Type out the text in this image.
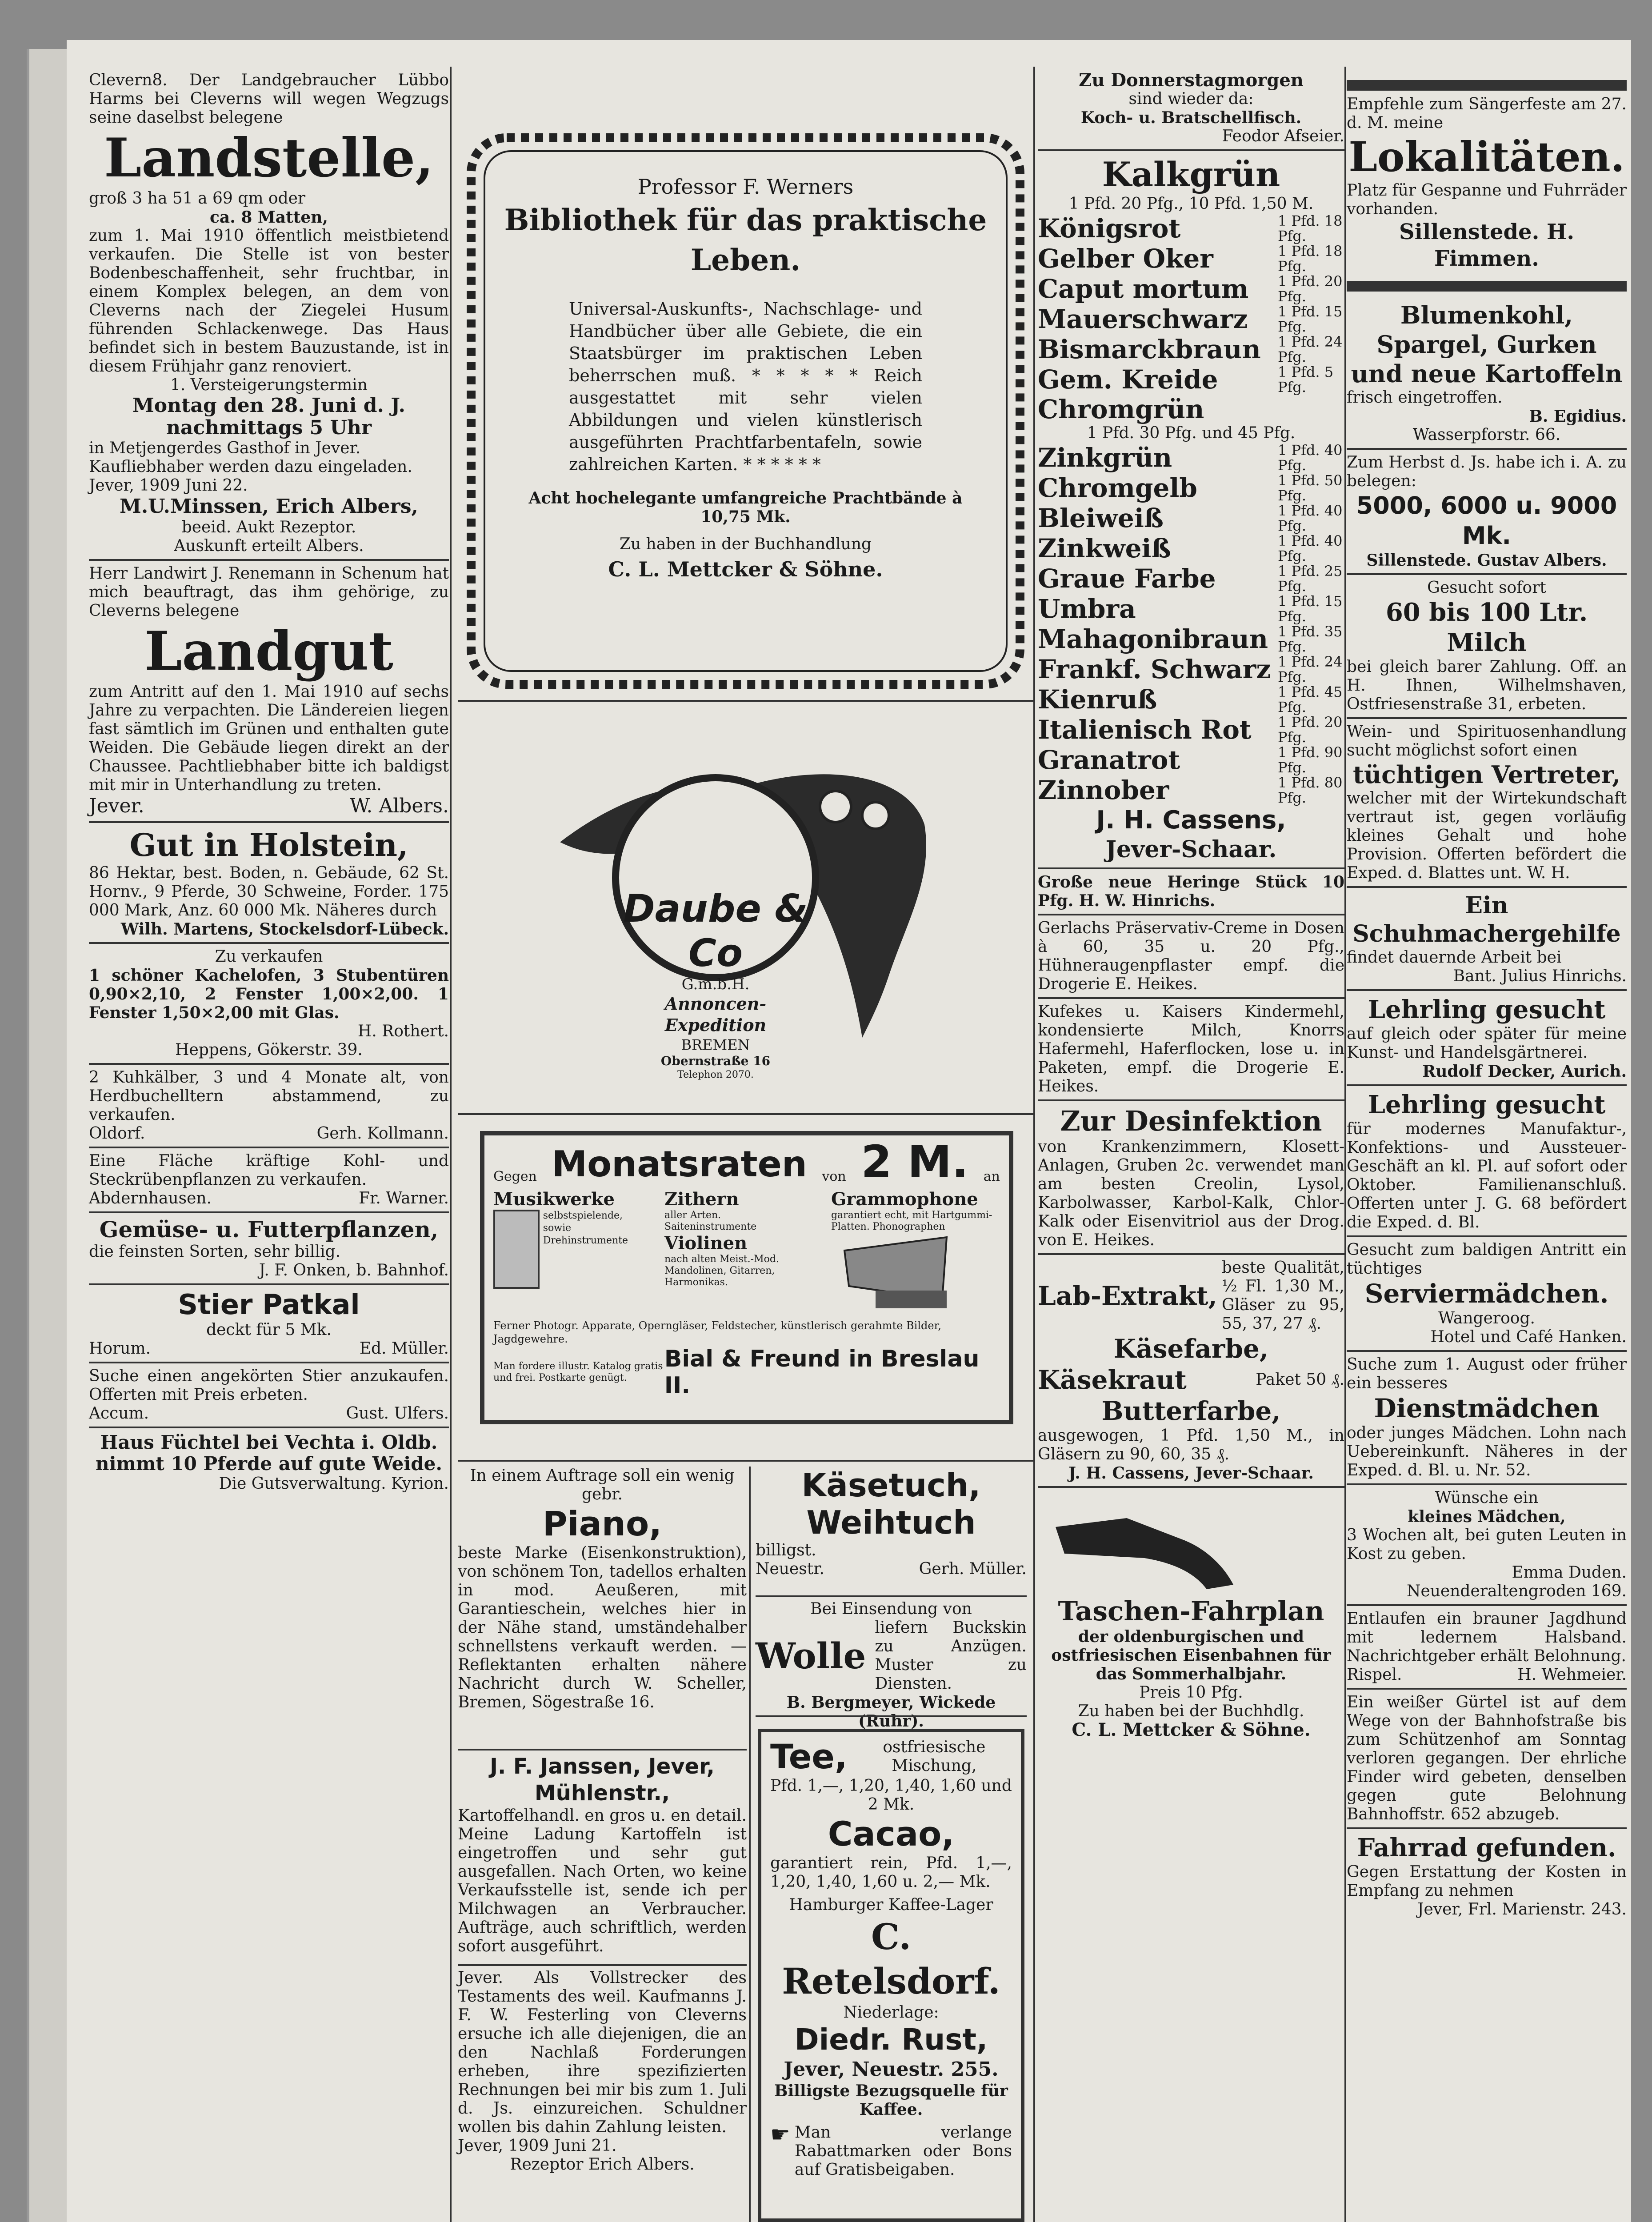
Clevern8. Der Landgebraucher Lübbo Harms bei Cleverns will wegen Wegzugs seine daselbst belegene

Landstelle,

groß 3 ha 51 a 69 qm oder

ca. 8 Matten,

zum 1. Mai 1910 öffentlich meistbietend verkaufen. Die Stelle ist von bester Bodenbeschaffenheit, sehr fruchtbar, in einem Komplex belegen, an dem von Cleverns nach der Ziegelei Husum führenden Schlackenwege. Das Haus befindet sich in bestem Bauzustande, ist in diesem Frühjahr ganz renoviert.

1. Versteigerungstermin

Montag den 28. Juni d. J. nachmittags 5 Uhr

in Metjengerdes Gasthof in Jever.

Kaufliebhaber werden dazu eingeladen.

Jever, 1909 Juni 22.

M.U.Minssen, Erich Albers,

beeid. Aukt Rezeptor.

Auskunft erteilt Albers.

Herr Landwirt J. Renemann in Schenum hat mich beauftragt, das ihm gehörige, zu Cleverns belegene

Landgut

zum Antritt auf den 1. Mai 1910 auf sechs Jahre zu verpachten. Die Ländereien liegen fast sämtlich im Grünen und enthalten gute Weiden. Die Gebäude liegen direkt an der Chaussee. Pachtliebhaber bitte ich baldigst mit mir in Unterhandlung zu treten.

Jever.	W. Albers.

Gut in Holstein,

86 Hektar, best. Boden, n. Gebäude, 62 St. Hornv., 9 Pferde, 30 Schweine, Forder. 175 000 Mark, Anz. 60 000 Mk. Näheres durch

Wilh. Martens, Stockelsdorf-Lübeck.

Zu verkaufen

1 schöner Kachelofen, 3 Stubentüren 0,90×2,10, 2 Fenster 1,00×2,00. 1 Fenster 1,50×2,00 mit Glas.

H. Rothert.

Heppens, Gökerstr. 39.

2 Kuhkälber, 3 und 4 Monate alt, von Herdbuchelltern abstammend, zu verkaufen.

Oldorf.	Gerh. Kollmann.

Eine Fläche kräftige Kohl- und Steckrübenpflanzen zu verkaufen.

Abdernhausen.	Fr. Warner.

Gemüse- u. Futterpflanzen,

die feinsten Sorten, sehr billig.

J. F. Onken, b. Bahnhof.

Stier Patkal

deckt für 5 Mk.

Horum.	Ed. Müller.

Suche einen angekörten Stier anzukaufen. Offerten mit Preis erbeten.

Accum.	Gust. Ulfers.

Haus Füchtel bei Vechta i. Oldb. nimmt 10 Pferde auf gute Weide.

Die Gutsverwaltung. Kyrion.

Professor F. Werners

Bibliothek für das praktische Leben.

Universal-Auskunfts-, Nachschlage- und Handbücher über alle Gebiete, die ein Staatsbürger im praktischen Leben beherrschen muß. * * * * * Reich ausgestattet mit sehr vielen Abbildungen und vielen künstlerisch ausgeführten Prachtfarbentafeln, sowie zahlreichen Karten. * * * * * *

Acht hochelegante umfangreiche Prachtbände à 10,75 Mk.

Zu haben in der Buchhandlung

C. L. Mettcker & Söhne.

Daube & Co

G.m.b.H.

Annoncen-Expedition

BREMEN

Obernstraße 16

Telephon 2070.

Gegen Monatsraten von 2 M. an

Musikwerke

selbstspielende, sowie Drehinstrumente

Zithern

aller Arten. Saiteninstrumente

Violinen

nach alten Meist.-Mod. Mandolinen, Gitarren, Harmonikas.

Grammophone

garantiert echt, mit Hartgummi-Platten. Phonographen

Ferner Photogr. Apparate, Operngläser, Feldstecher, künstlerisch gerahmte Bilder, Jagdgewehre.

Man fordere illustr. Katalog gratis und frei. Postkarte genügt.
Bial & Freund in Breslau II.

In einem Auftrage soll ein wenig gebr.

Piano,

beste Marke (Eisenkonstruktion), von schönem Ton, tadellos erhalten in mod. Aeußeren, mit Garantieschein, welches hier in der Nähe stand, umständehalber schnellstens verkauft werden. — Reflektanten erhalten nähere Nachricht durch W. Scheller, Bremen, Sögestraße 16.

J. F. Janssen, Jever, Mühlenstr.,

Kartoffelhandl. en gros u. en detail. Meine Ladung Kartoffeln ist eingetroffen und sehr gut ausgefallen. Nach Orten, wo keine Verkaufsstelle ist, sende ich per Milchwagen an Verbraucher. Aufträge, auch schriftlich, werden sofort ausgeführt.

Jever. Als Vollstrecker des Testaments des weil. Kaufmanns J. F. W. Festerling von Cleverns ersuche ich alle diejenigen, die an den Nachlaß Forderungen erheben, ihre spezifizierten Rechnungen bei mir bis zum 1. Juli d. Js. einzureichen. Schuldner wollen bis dahin Zahlung leisten.

Jever, 1909 Juni 21.

Rezeptor Erich Albers.

Käsetuch, Weihtuch

billigst.

Neuestr.	Gerh. Müller.

Bei Einsendung von

Wolle
liefern Buckskin zu Anzügen. Muster zu Diensten.

B. Bergmeyer, Wickede (Ruhr).

Tee,	ostfriesische Mischung,

Pfd. 1,—, 1,20, 1,40, 1,60 und 2 Mk.

Cacao,

garantiert rein, Pfd. 1,—, 1,20, 1,40, 1,60 u. 2,— Mk.

Hamburger Kaffee-Lager

C. Retelsdorf.

Niederlage:

Diedr. Rust,

Jever, Neuestr. 255.

Billigste Bezugsquelle für Kaffee.

☛ Man verlange Rabattmarken oder Bons auf Gratisbeigaben.

Zu Donnerstagmorgen

sind wieder da:

Koch- u. Bratschellfisch.

Feodor Afseier.

Kalkgrün

1 Pfd. 20 Pfg., 10 Pfd. 1,50 M.

Königsrot	1 Pfd. 18 Pfg.
Gelber Oker	1 Pfd. 18 Pfg.
Caput mortum 1 Pfd. 20 Pfg.
Mauerschwarz 1 Pfd. 15 Pfg.
Bismarckbraun 1 Pfd. 24 Pfg.
Gem. Kreide	1 Pfd. 5 Pfg.
Chromgrün

1 Pfd. 30 Pfg. und 45 Pfg.

Zinkgrün	1 Pfd. 40 Pfg.
Chromgelb	1 Pfd. 50 Pfg.
Bleiweiß	1 Pfd. 40 Pfg.
Zinkweiß	1 Pfd. 40 Pfg.
Graue Farbe	1 Pfd. 25 Pfg.
Umbra	1 Pfd. 15 Pfg.
Mahagonibraun 1 Pfd. 35 Pfg.
Frankf. Schwarz 1 Pfd. 24 Pfg.
Kienruß	1 Pfd. 45 Pfg.
Italienisch Rot 1 Pfd. 20 Pfg.
Granatrot	1 Pfd. 90 Pfg.
Zinnober	1 Pfd. 80 Pfg.

J. H. Cassens,

Jever-Schaar.

Große neue Heringe Stück 10 Pfg. H. W. Hinrichs.

Gerlachs Präservativ-Creme in Dosen à 60, 35 u. 20 Pfg., Hühneraugenpflaster empf. die Drogerie E. Heikes.

Kufekes u. Kaisers Kindermehl, kondensierte Milch, Knorrs Hafermehl, Haferflocken, lose u. in Paketen, empf. die Drogerie E. Heikes.

Zur Desinfektion

von Krankenzimmern, Klosett-Anlagen, Gruben 2c. verwendet man am besten Creolin, Lysol, Karbolwasser, Karbol-Kalk, Chlor-Kalk oder Eisenvitriol aus der Drog. von E. Heikes.

Lab-Extrakt,
beste Qualität, ½ Fl. 1,30 M., Gläser zu 95, 55, 37, 27 ₰.

Käsefarbe,

Käsekraut	Paket 50 ₰.

Butterfarbe,

ausgewogen, 1 Pfd. 1,50 M., in Gläsern zu 90, 60, 35 ₰.

J. H. Cassens, Jever-Schaar.

Taschen-Fahrplan

der oldenburgischen und ostfriesischen Eisenbahnen für das Sommerhalbjahr.

Preis 10 Pfg.

Zu haben bei der Buchhdlg.

C. L. Mettcker & Söhne.

Empfehle zum Sängerfeste am 27. d. M. meine

Lokalitäten.

Platz für Gespanne und Fuhrräder vorhanden.

Sillenstede. H. Fimmen.

Blumenkohl, Spargel, Gurken

und neue Kartoffeln

frisch eingetroffen.

B. Egidius.

Wasserpforstr. 66.

Zum Herbst d. Js. habe ich i. A. zu belegen:

5000, 6000 u. 9000 Mk.

Sillenstede. Gustav Albers.

Gesucht sofort

60 bis 100 Ltr. Milch

bei gleich barer Zahlung. Off. an H. Ihnen, Wilhelmshaven, Ostfriesenstraße 31, erbeten.

Wein- und Spirituosenhandlung sucht möglichst sofort einen

tüchtigen Vertreter,

welcher mit der Wirtekundschaft vertraut ist, gegen vorläufig kleines Gehalt und hohe Provision. Offerten befördert die Exped. d. Blattes unt. W. H.

Ein Schuhmachergehilfe

findet dauernde Arbeit bei

Bant. Julius Hinrichs.

Lehrling gesucht

auf gleich oder später für meine Kunst- und Handelsgärtnerei.

Rudolf Decker, Aurich.

Lehrling gesucht

für modernes Manufaktur-, Konfektions- und Aussteuer-Geschäft an kl. Pl. auf sofort oder Oktober. Familienanschluß. Offerten unter J. G. 68 befördert die Exped. d. Bl.

Gesucht zum baldigen Antritt ein tüchtiges

Serviermädchen.

Wangeroog.

Hotel und Café Hanken.

Suche zum 1. August oder früher ein besseres

Dienstmädchen

oder junges Mädchen. Lohn nach Uebereinkunft. Näheres in der Exped. d. Bl. u. Nr. 52.

Wünsche ein

kleines Mädchen,

3 Wochen alt, bei guten Leuten in Kost zu geben.

Emma Duden.

Neuenderaltengroden 169.

Entlaufen ein brauner Jagdhund mit ledernem Halsband. Nachrichtgeber erhält Belohnung.

Rispel.	H. Wehmeier.

Ein weißer Gürtel ist auf dem Wege von der Bahnhofstraße bis zum Schützenhof am Sonntag verloren gegangen. Der ehrliche Finder wird gebeten, denselben gegen gute Belohnung Bahnhoffstr. 652 abzugeb.

Fahrrad gefunden.

Gegen Erstattung der Kosten in Empfang zu nehmen

Jever, Frl. Marienstr. 243.
